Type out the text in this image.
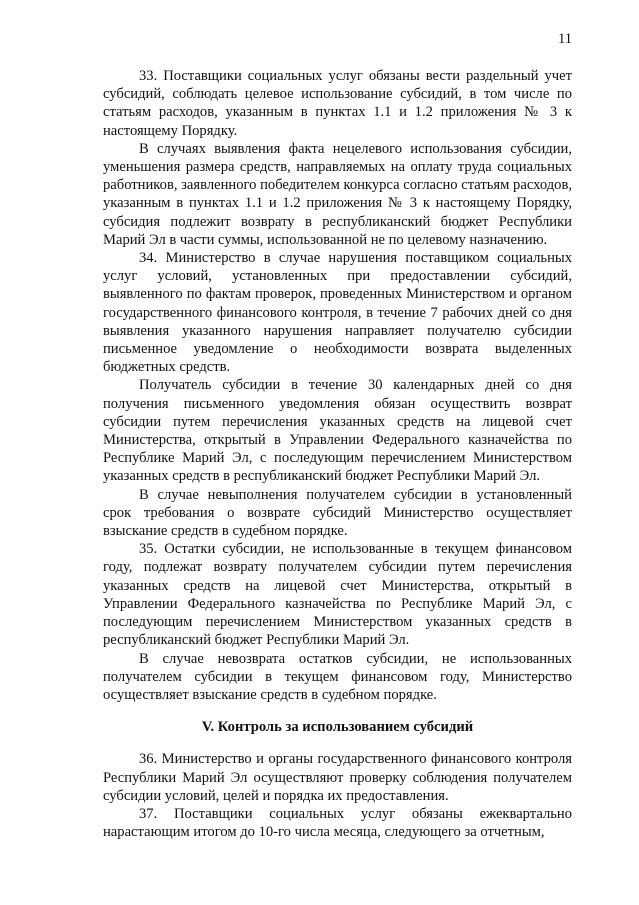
11

33. Поставщики социальных услуг обязаны вести раздельный учет субсидий, соблюдать целевое использование субсидий, в том числе по статьям расходов, указанным в пунктах 1.1 и 1.2 приложения № 3 к настоящему Порядку.

В случаях выявления факта нецелевого использования субсидии, уменьшения размера средств, направляемых на оплату труда социальных работников, заявленного победителем конкурса согласно статьям расходов, указанным в пунктах 1.1 и 1.2 приложения № 3 к настоящему Порядку, субсидия подлежит возврату в республиканский бюджет Республики Марий Эл в части суммы, использованной не по целевому назначению.

34. Министерство в случае нарушения поставщиком социальных услуг условий, установленных при предоставлении субсидий, выявленного по фактам проверок, проведенных Министерством и органом государственного финансового контроля, в течение 7 рабочих дней со дня выявления указанного нарушения направляет получателю субсидии письменное уведомление о необходимости возврата выделенных бюджетных средств.

Получатель субсидии в течение 30 календарных дней со дня получения письменного уведомления обязан осуществить возврат субсидии путем перечисления указанных средств на лицевой счет Министерства, открытый в Управлении Федерального казначейства по Республике Марий Эл, с последующим перечислением Министерством указанных средств в республиканский бюджет Республики Марий Эл.

В случае невыполнения получателем субсидии в установленный срок требования о возврате субсидий Министерство осуществляет взыскание средств в судебном порядке.

35. Остатки субсидии, не использованные в текущем финансовом году, подлежат возврату получателем субсидии путем перечисления указанных средств на лицевой счет Министерства, открытый в Управлении Федерального казначейства по Республике Марий Эл, с последующим перечислением Министерством указанных средств в республиканский бюджет Республики Марий Эл.

В случае невозврата остатков субсидии, не использованных получателем субсидии в текущем финансовом году, Министерство осуществляет взыскание средств в судебном порядке.

V. Контроль за использованием субсидий

36. Министерство и органы государственного финансового контроля Республики Марий Эл осуществляют проверку соблюдения получателем субсидии условий, целей и порядка их предоставления.

37. Поставщики социальных услуг обязаны ежеквартально нарастающим итогом до 10-го числа месяца, следующего за отчетным,
